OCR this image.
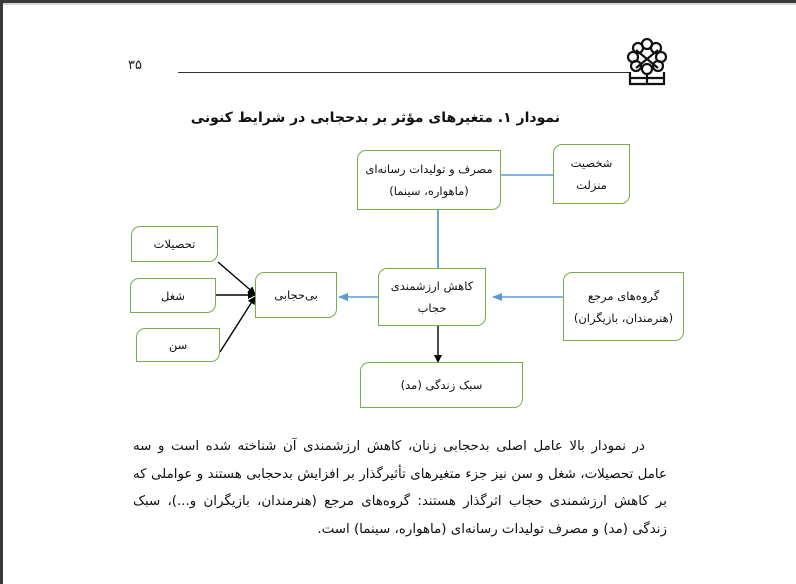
۳۵
نمودار ۱. متغیرهای مؤثر بر بدحجابی در شرایط کنونی
مصرف و تولیدات رسانه‌ای
(ماهواره، سینما)
شخصیت
منزلت
تحصیلات
شغل
سن
بی‌حجابی
کاهش ارزشمندی
حجاب
گروه‌های مرجع
(هنرمندان، بازیگران)
سبک زندگی (مد)

در نمودار بالا عامل اصلی بدحجابی زنان، کاهش ارزشمندی آن شناخته شده است و سه عامل تحصیلات، شغل و سن نیز جزء متغیرهای تأثیرگذار بر افزایش بدحجابی هستند و عواملی که بر کاهش ارزشمندی حجاب اثرگذار هستند: گروه‌های مرجع (هنرمندان، بازیگران و...)، سبک زندگی (مد) و مصرف تولیدات رسانه‌ای (ماهواره، سینما) است.
